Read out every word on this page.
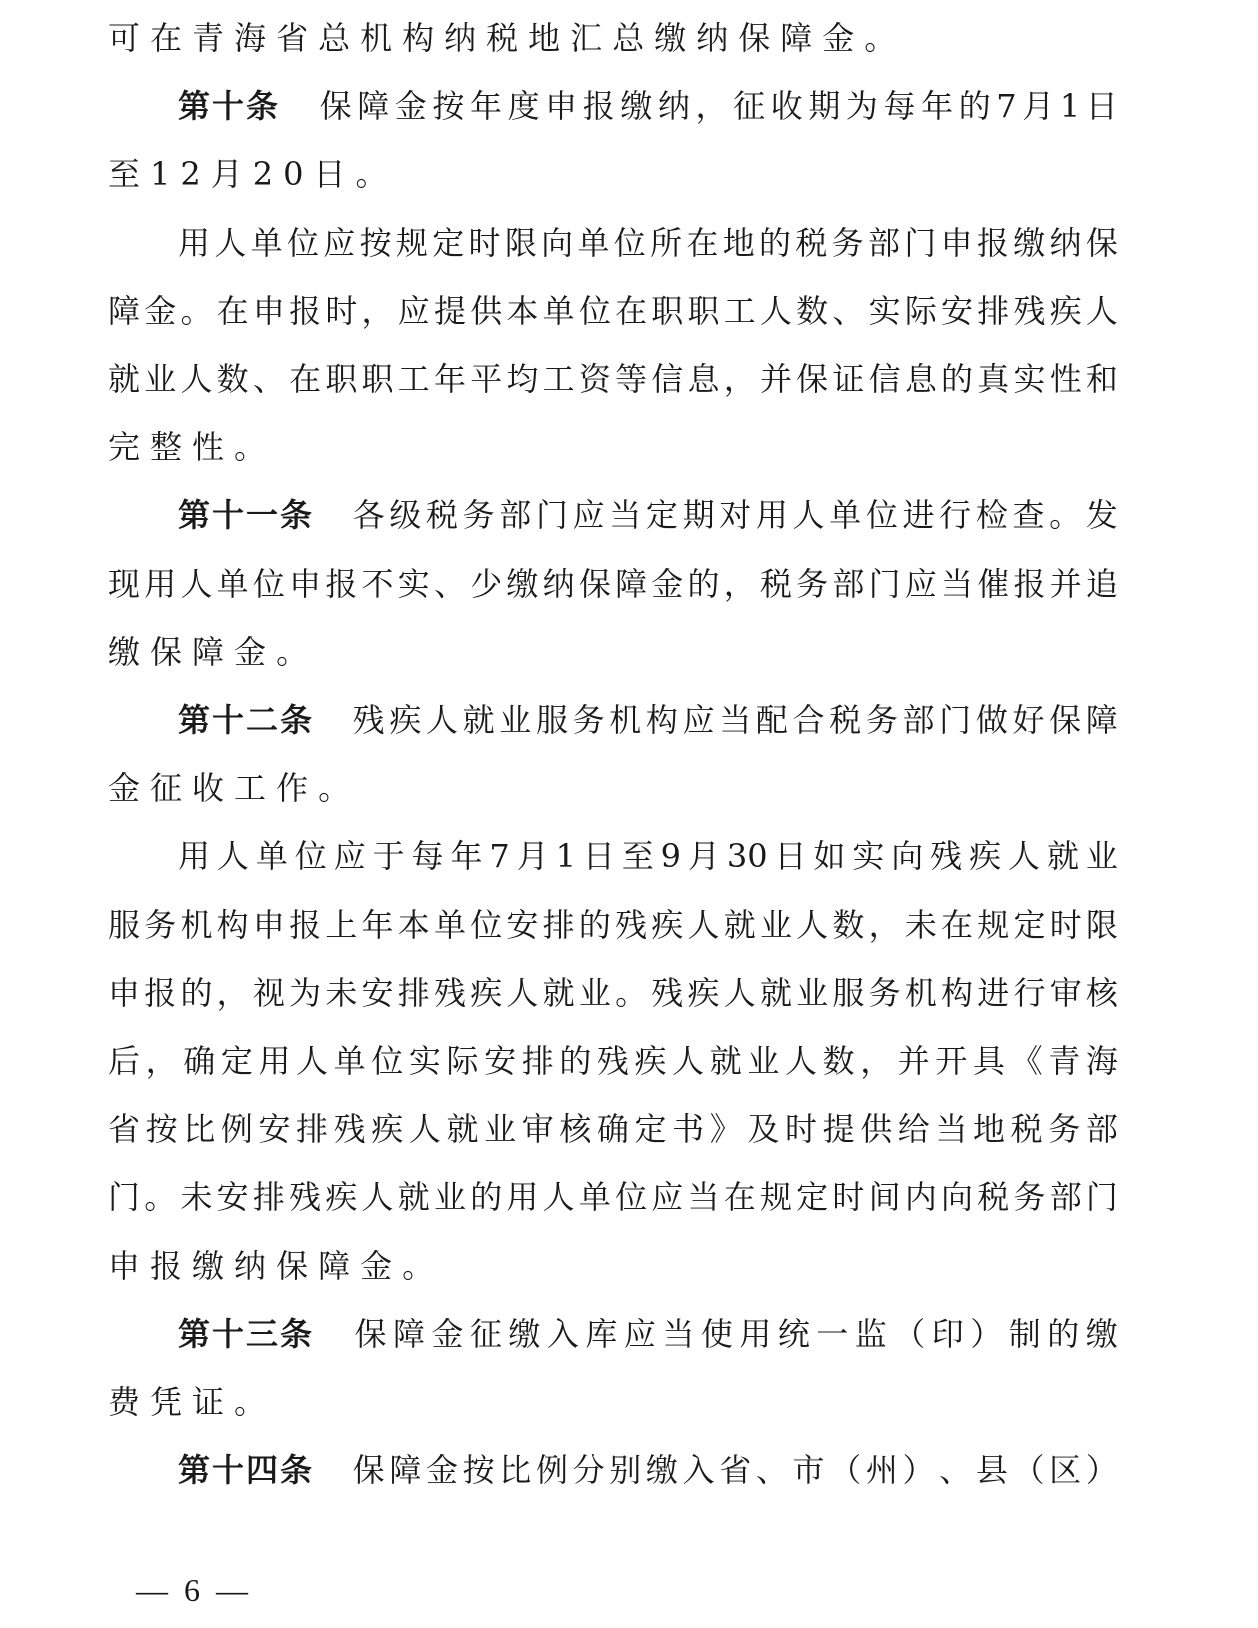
可 在 青 海 省 总 机 构 纳 税 地 汇 总 缴 纳 保 障 金 。
第十条 保 障 金 按 年 度 申 报 缴 纳 ， 征 收 期 为 每 年 的 7 月 1 日
至 12 月 20 日 。
用 人 单 位 应 按 规 定 时 限 向 单 位 所 在 地 的 税 务 部 门 申 报 缴 纳 保
障 金 。 在 申 报 时 ， 应 提 供 本 单 位 在 职 职 工 人 数 、 实 际 安 排 残 疾 人
就 业 人 数 、 在 职 职 工 年 平 均 工 资 等 信 息 ， 并 保 证 信 息 的 真 实 性 和
完 整 性 。
第十一条 各 级 税 务 部 门 应 当 定 期 对 用 人 单 位 进 行 检 查 。 发
现 用 人 单 位 申 报 不 实 、 少 缴 纳 保 障 金 的 ， 税 务 部 门 应 当 催 报 并 追
缴 保 障 金 。
第十二条 残 疾 人 就 业 服 务 机 构 应 当 配 合 税 务 部 门 做 好 保 障
金 征 收 工 作 。
用 人 单 位 应 于 每 年 7 月 1 日 至 9 月 30 日 如 实 向 残 疾 人 就 业
服 务 机 构 申 报 上 年 本 单 位 安 排 的 残 疾 人 就 业 人 数 ， 未 在 规 定 时 限
申 报 的 ， 视 为 未 安 排 残 疾 人 就 业 。 残 疾 人 就 业 服 务 机 构 进 行 审 核
后 ， 确 定 用 人 单 位 实 际 安 排 的 残 疾 人 就 业 人 数 ， 并 开 具 《 青 海
省 按 比 例 安 排 残 疾 人 就 业 审 核 确 定 书 》 及 时 提 供 给 当 地 税 务 部
门 。 未 安 排 残 疾 人 就 业 的 用 人 单 位 应 当 在 规 定 时 间 内 向 税 务 部 门
申 报 缴 纳 保 障 金 。
第十三条 保 障 金 征 缴 入 库 应 当 使 用 统 一 监 （ 印 ） 制 的 缴
费 凭 证 。
第十四条 保 障 金 按 比 例 分 别 缴 入 省 、 市 （ 州 ） 、 县 （ 区 ）
— 6 —
